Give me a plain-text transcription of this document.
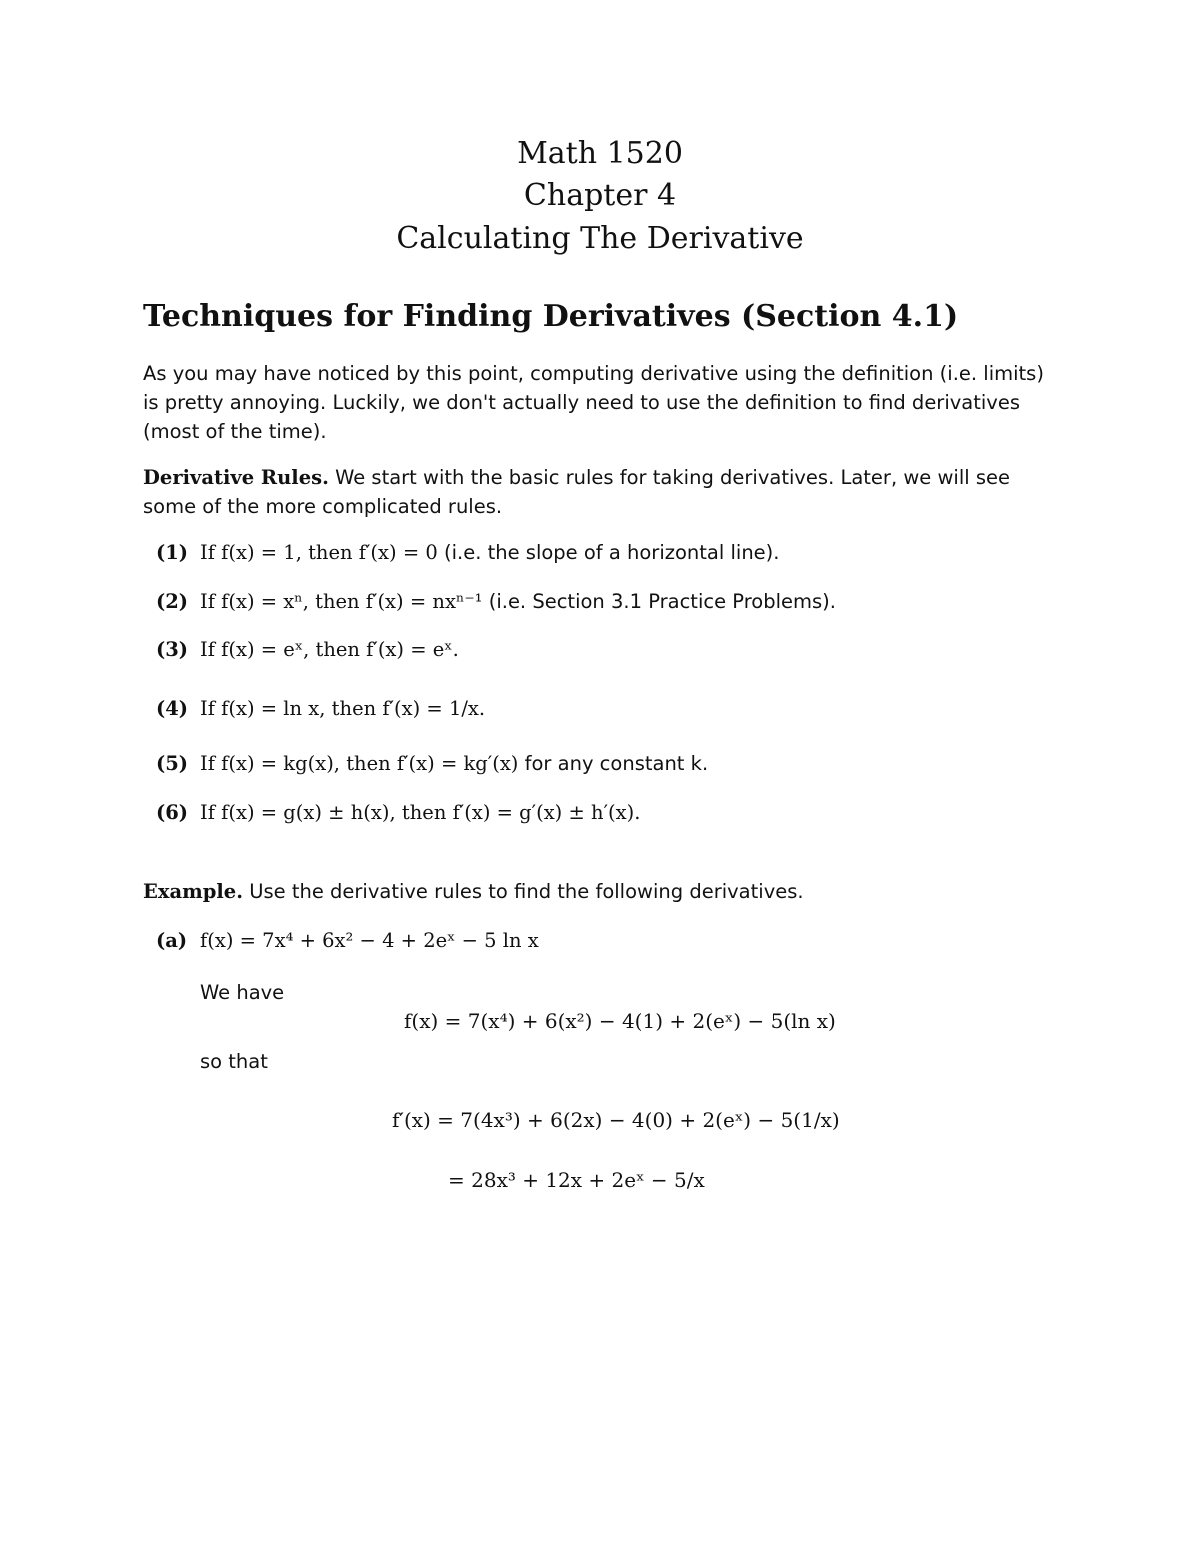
Math 1520
Chapter 4
Calculating The Derivative
Techniques for Finding Derivatives (Section 4.1)
As you may have noticed by this point, computing derivative using the definition (i.e. limits)
is pretty annoying. Luckily, we don't actually need to use the definition to find derivatives
(most of the time).
Derivative Rules. We start with the basic rules for taking derivatives. Later, we will see
some of the more complicated rules.
(1) If f(x) = 1, then f′(x) = 0 (i.e. the slope of a horizontal line).
(2) If f(x) = xⁿ, then f′(x) = nxⁿ⁻¹ (i.e. Section 3.1 Practice Problems).
(3) If f(x) = eˣ, then f′(x) = eˣ.
(4) If f(x) = ln x, then f′(x) = 1/x.
(5) If f(x) = kg(x), then f′(x) = kg′(x) for any constant k.
(6) If f(x) = g(x) ± h(x), then f′(x) = g′(x) ± h′(x).
Example. Use the derivative rules to find the following derivatives.
(a) f(x) = 7x⁴ + 6x² − 4 + 2eˣ − 5 ln x
We have
f(x) = 7(x⁴) + 6(x²) − 4(1) + 2(eˣ) − 5(ln x)
so that
f′(x) = 7(4x³) + 6(2x) − 4(0) + 2(eˣ) − 5(1/x)
= 28x³ + 12x + 2eˣ − 5/x
